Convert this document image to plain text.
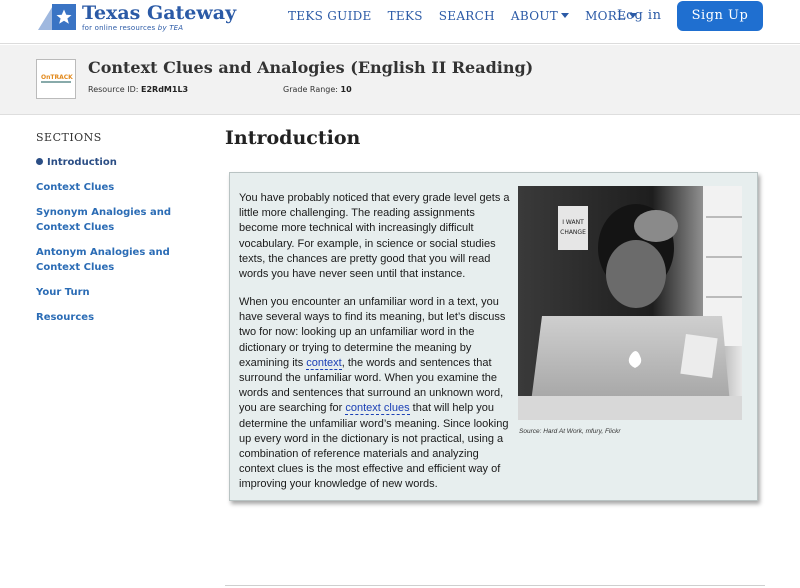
Texas Gateway
for online resources by TEA
TEKS GUIDE TEKS SEARCH ABOUT	MORE
Log in	Sign Up
OnTRACK
Context Clues and Analogies (English II Reading)
Resource ID: E2RdM1L3	Grade Range: 10
SECTIONS
Introduction
Context Clues
Synonym Analogies and Context Clues
Antonym Analogies and Context Clues
Your Turn
Resources
Introduction

You have probably noticed that every grade level gets a little more challenging. The reading assignments become more technical with increasingly difficult vocabulary. For example, in science or social studies texts, the chances are pretty good that you will read words you have never seen until that instance.

When you encounter an unfamiliar word in a text, you have several ways to find its meaning, but let’s discuss two for now: looking up an unfamiliar word in the dictionary or trying to determine the meaning by examining its context, the words and sentences that surround the unfamiliar word. When you examine the words and sentences that surround an unknown word, you are searching for context clues that will help you determine the unfamiliar word’s meaning. Since looking up every word in the dictionary is not practical, using a combination of reference materials and analyzing context clues is the most effective and efficient way of improving your knowledge of new words.

I WANT
CHANGE
Source: Hard At Work, mfury, Flickr
